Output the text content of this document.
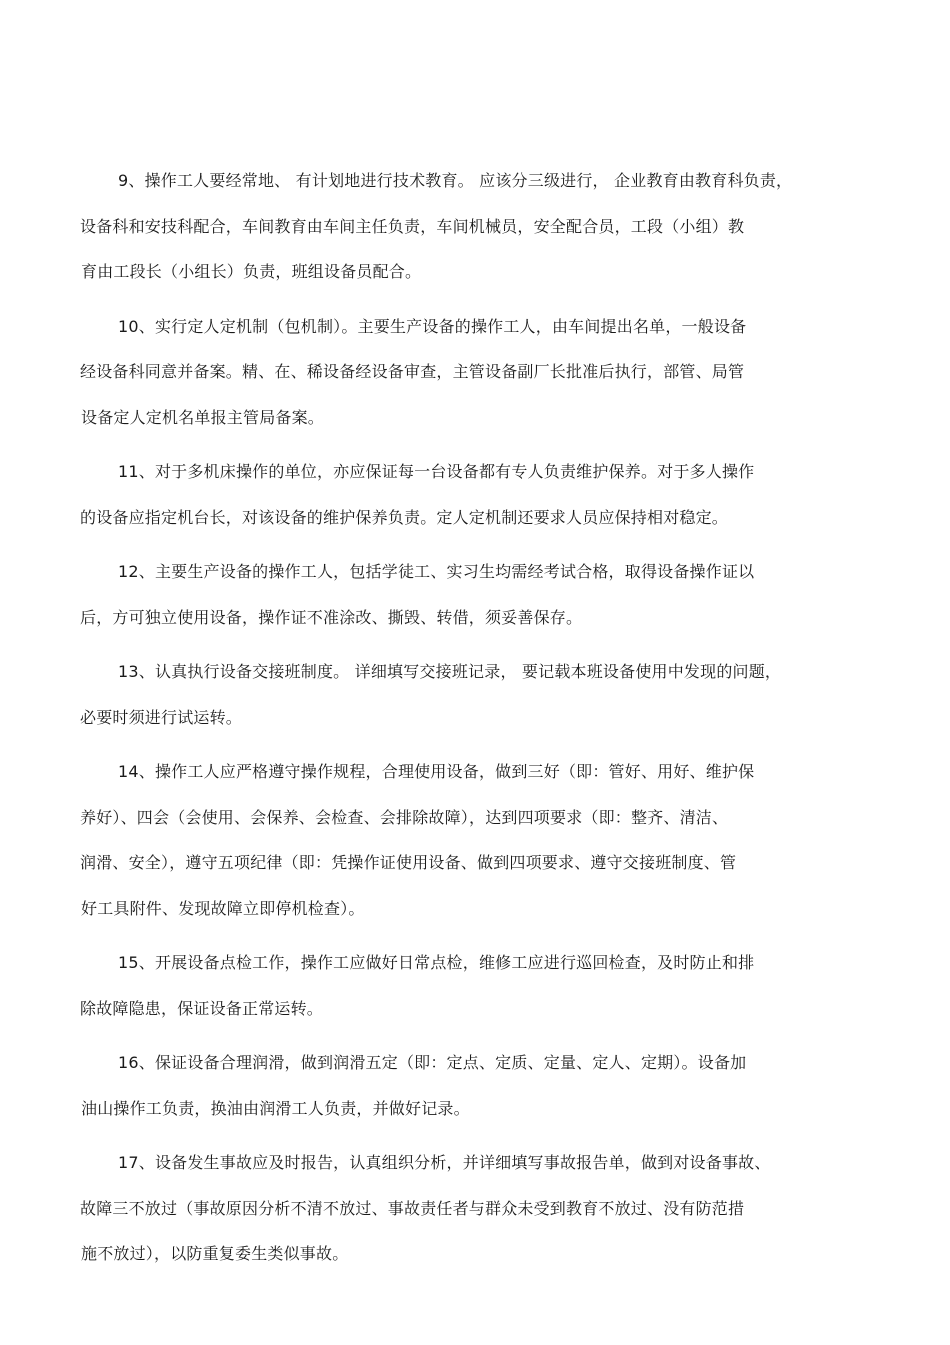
9、操作工人要经常地、 有计划地进行技术教育。 应该分三级进行， 企业教育由教育科负责，
设备科和安技科配合，车间教育由车间主任负责，车间机械员，安全配合员，工段（小组）教
育由工段长（小组长）负责，班组设备员配合。
10、实行定人定机制（包机制）。主要生产设备的操作工人，由车间提出名单，一般设备
经设备科同意并备案。精、在、稀设备经设备审查，主管设备副厂长批准后执行，部管、局管
设备定人定机名单报主管局备案。
11、对于多机床操作的单位，亦应保证每一台设备都有专人负责维护保养。对于多人操作
的设备应指定机台长，对该设备的维护保养负责。定人定机制还要求人员应保持相对稳定。
12、主要生产设备的操作工人，包括学徒工、实习生均需经考试合格，取得设备操作证以
后，方可独立使用设备，操作证不准涂改、撕毁、转借，须妥善保存。
13、认真执行设备交接班制度。 详细填写交接班记录， 要记载本班设备使用中发现的问题，
必要时须进行试运转。
14、操作工人应严格遵守操作规程，合理使用设备，做到三好（即：管好、用好、维护保
养好）、四会（会使用、会保养、会检查、会排除故障），达到四项要求（即：整齐、清洁、
润滑、安全），遵守五项纪律（即：凭操作证使用设备、做到四项要求、遵守交接班制度、管
好工具附件、发现故障立即停机检查）。
15、开展设备点检工作，操作工应做好日常点检，维修工应进行巡回检查，及时防止和排
除故障隐患，保证设备正常运转。
16、保证设备合理润滑，做到润滑五定（即：定点、定质、定量、定人、定期）。设备加
油山操作工负责，换油由润滑工人负责，并做好记录。
17、设备发生事故应及时报告，认真组织分析，并详细填写事故报告单，做到对设备事故、
故障三不放过（事故原因分析不清不放过、事故责任者与群众未受到教育不放过、没有防范措
施不放过），以防重复委生类似事故。
